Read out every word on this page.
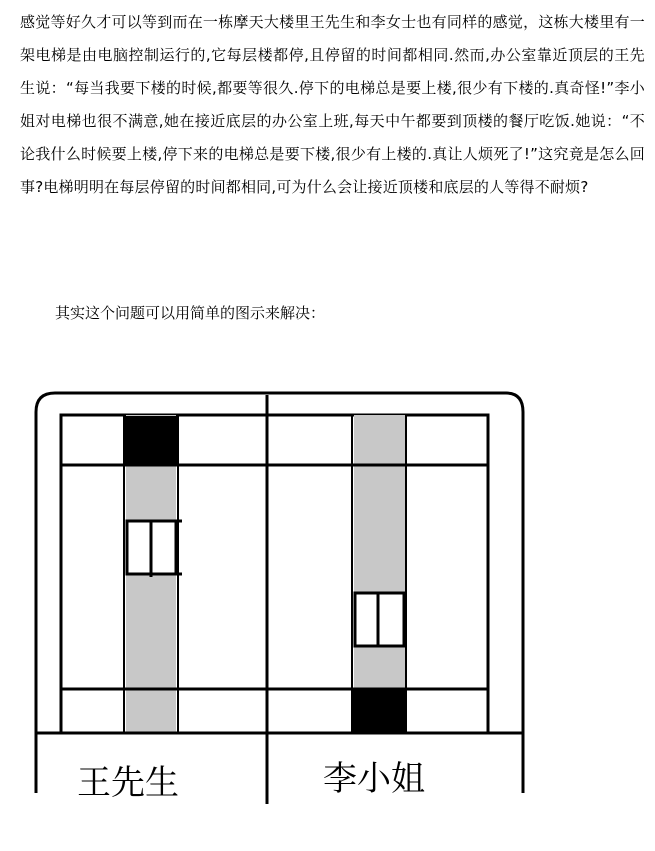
感觉等好久才可以等到而在一栋摩天大楼里王先生和李女士也有同样的感觉，这栋大楼里有一架电梯是由电脑控制运行的,它每层楼都停,且停留的时间都相同.然而,办公室靠近顶层的王先生说：“每当我要下楼的时候,都要等很久.停下的电梯总是要上楼,很少有下楼的.真奇怪!”李小姐对电梯也很不满意,她在接近底层的办公室上班,每天中午都要到顶楼的餐厅吃饭.她说：“不论我什么时候要上楼,停下来的电梯总是要下楼,很少有上楼的.真让人烦死了!”这究竟是怎么回事?电梯明明在每层停留的时间都相同,可为什么会让接近顶楼和底层的人等得不耐烦?

其实这个问题可以用简单的图示来解决：

王先生	李小姐
